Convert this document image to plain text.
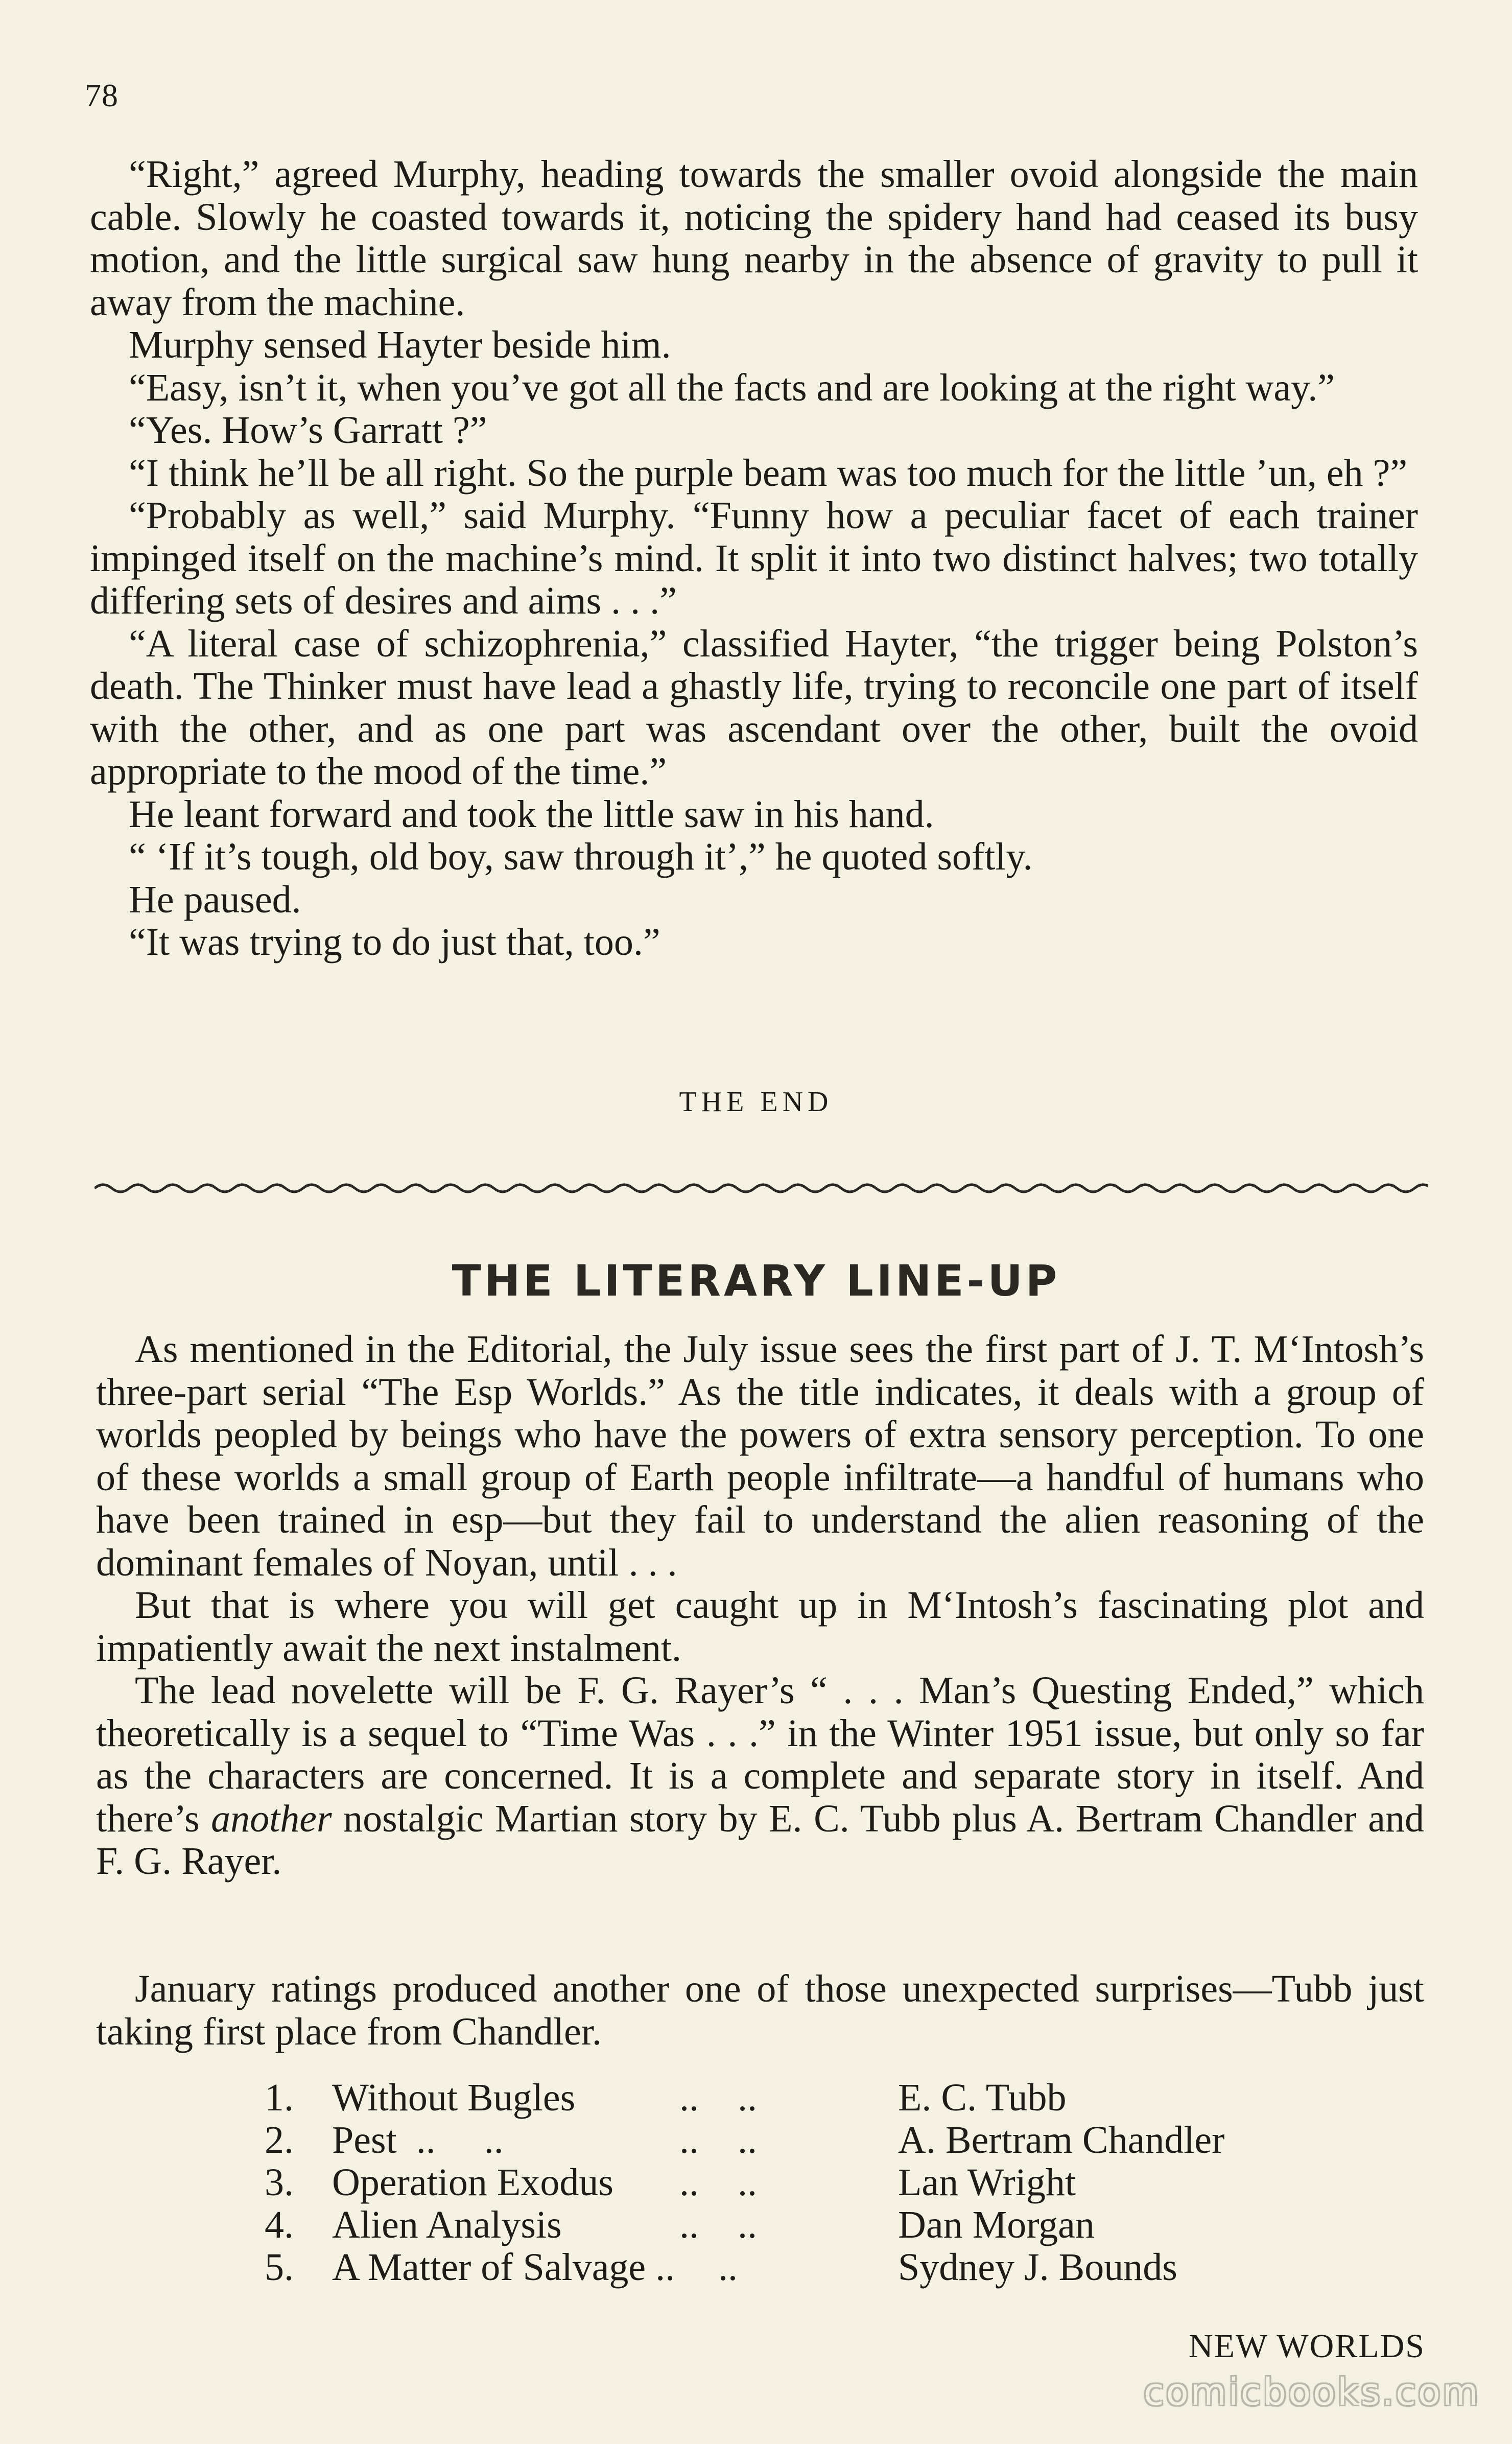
78

“Right,” agreed Murphy, heading towards the smaller ovoid alongside the main cable. Slowly he coasted towards it, noticing the spidery hand had ceased its busy motion, and the little surgical saw hung nearby in the absence of gravity to pull it away from the machine.

Murphy sensed Hayter beside him.

“Easy, isn’t it, when you’ve got all the facts and are looking at the right way.”

“Yes. How’s Garratt ?”

“I think he’ll be all right. So the purple beam was too much for the little ’un, eh ?”

“Probably as well,” said Murphy. “Funny how a peculiar facet of each trainer impinged itself on the machine’s mind. It split it into two distinct halves; two totally differing sets of desires and aims . . .”

“A literal case of schizophrenia,” classified Hayter, “the trigger being Polston’s death. The Thinker must have lead a ghastly life, trying to reconcile one part of itself with the other, and as one part was ascendant over the other, built the ovoid appropriate to the mood of the time.”

He leant forward and took the little saw in his hand.

“ ‘If it’s tough, old boy, saw through it’,” he quoted softly.

He paused.

“It was trying to do just that, too.”

THE END
THE LITERARY LINE-UP

As mentioned in the Editorial, the July issue sees the first part of J. T. M‘Intosh’s three-part serial “The Esp Worlds.” As the title indicates, it deals with a group of worlds peopled by beings who have the powers of extra sensory perception. To one of these worlds a small group of Earth people infiltrate—a handful of humans who have been trained in esp—but they fail to understand the alien reasoning of the dominant females of Noyan, until . . .

But that is where you will get caught up in M‘Intosh’s fascinating plot and impatiently await the next instalment.

The lead novelette will be F. G. Rayer’s “ . . . Man’s Questing Ended,” which theoretically is a sequel to “Time Was . . .” in the Winter 1951 issue, but only so far as the characters are concerned. It is a complete and separate story in itself. And there’s another nostalgic Martian story by E. C. Tubb plus A. Bertram Chandler and F. G. Rayer.

January ratings produced another one of those unexpected surprises—Tubb just taking first place from Chandler.

1. Without Bugles	..    ..	E. C. Tubb
2. Pest  ..     ..	..    ..	A. Bertram Chandler
3. Operation Exodus ..    ..	Lan Wright
4. Alien Analysis	..    ..	Dan Morgan
5. A Matter of Salvage .. ..	Sydney J. Bounds
NEW WORLDS
comicbooks.com
